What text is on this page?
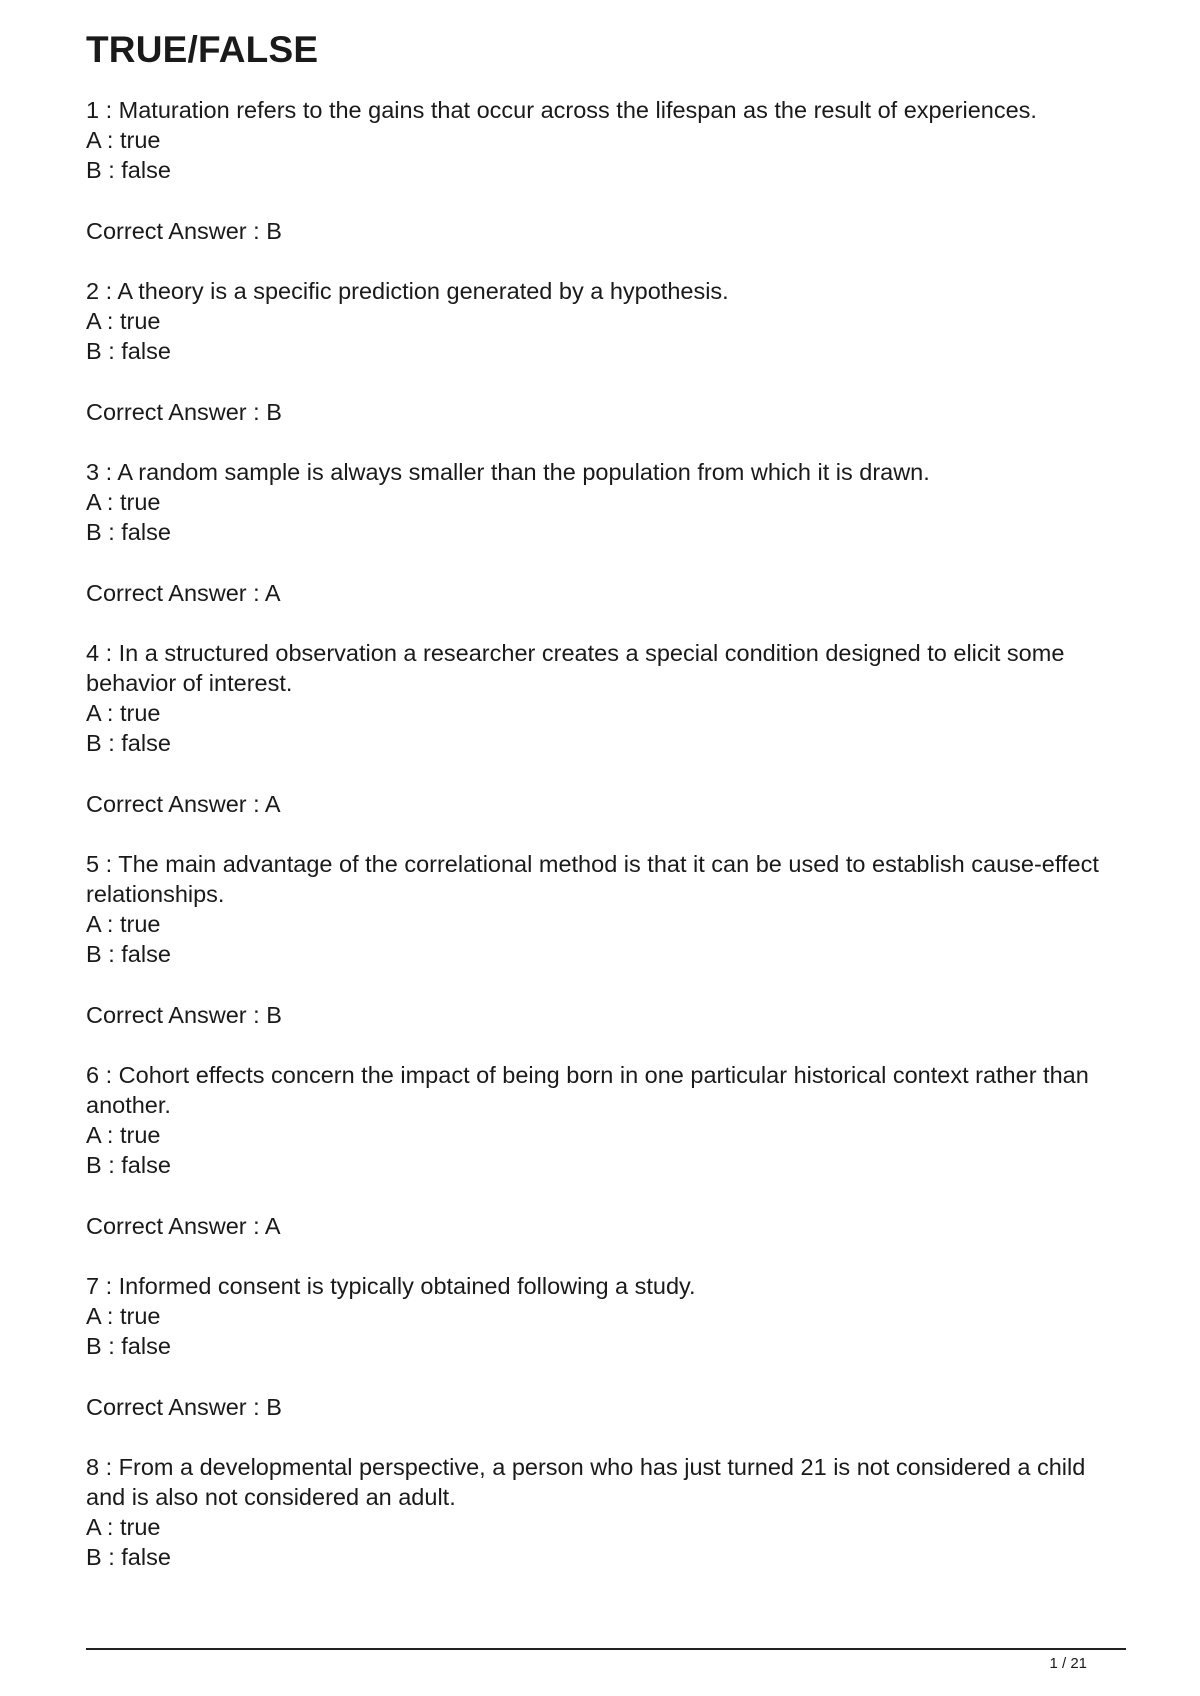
TRUE/FALSE
1 : Maturation refers to the gains that occur across the lifespan as the result of experiences.
A : true
B : false
Correct Answer : B
2 : A theory is a specific prediction generated by a hypothesis.
A : true
B : false
Correct Answer : B
3 : A random sample is always smaller than the population from which it is drawn.
A : true
B : false
Correct Answer : A
4 : In a structured observation a researcher creates a special condition designed to elicit some behavior of interest.
A : true
B : false
Correct Answer : A
5 : The main advantage of the correlational method is that it can be used to establish cause-effect relationships.
A : true
B : false
Correct Answer : B
6 : Cohort effects concern the impact of being born in one particular historical context rather than another.
A : true
B : false
Correct Answer : A
7 : Informed consent is typically obtained following a study.
A : true
B : false
Correct Answer : B
8 : From a developmental perspective, a person who has just turned 21 is not considered a child and is also not considered an adult.
A : true
B : false
1 / 21
